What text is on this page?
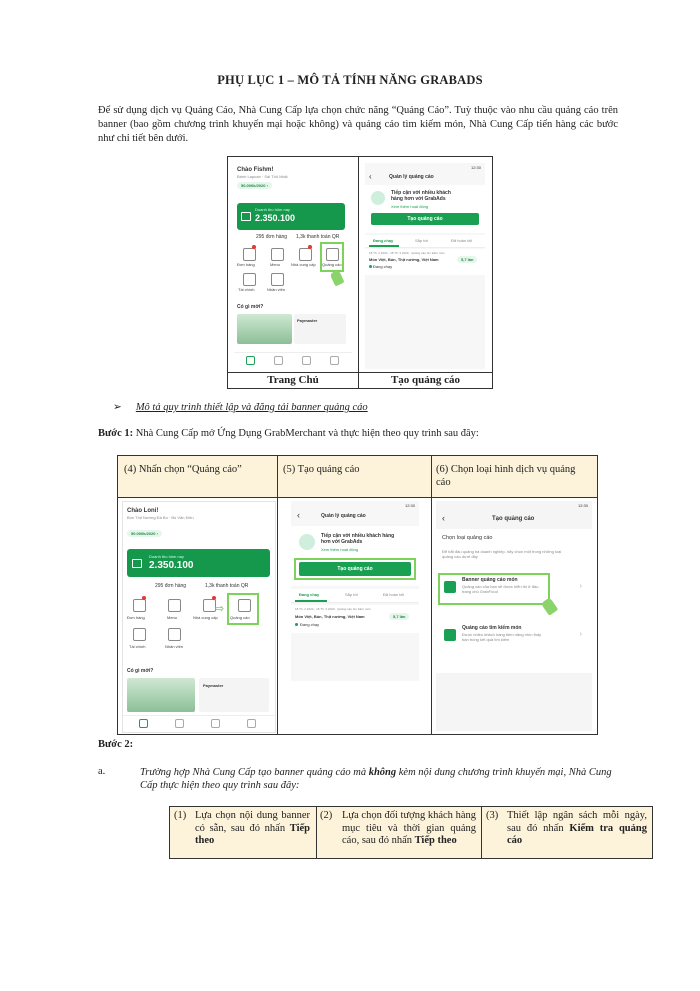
PHỤ LỤC 1 – MÔ TẢ TÍNH NĂNG GRABADS
Để sử dụng dịch vụ Quảng Cáo, Nhà Cung Cấp lựa chọn chức năng “Quảng Cáo”. Tuỳ thuộc vào nhu cầu quảng cáo trên banner (bao gồm chương trình khuyến mại hoặc không) và quảng cáo tìm kiếm món, Nhà Cung Cấp tiến hàng các bước như chỉ tiết bên dưới.
Trang Chủ	Tạo quảng cáo
Chào Fishm!
Bánh Lapuan · Sài Thủ Nhật
50.000k/2020 ›
Doanh thu hôm nay
2.350.100
295 đơn hàng 1,3k thanh toán QR
Đơn hàng	Menu	Nhà cung cấp Quảng cáo
Tài chính	Nhân viên
Có gì mới?
Paymaster
12:30
‹	Quản lý quảng cáo
Tiếp cận với nhiều khách hàng hơn với GrabAds
Xem thêm hoạt động
Tạo quảng cáo
Đang chạy	Sắp tới	Đã hoàn tất
18 Th. 2 2020 - 18 Th. 3 2020 · Quảng cáo tìm kiếm món
Món Việt, Bún, Thịt nướng, Việt Nam	5,7 lần
Đang chạy
➢ Mô tả quy trình thiết lập và đăng tải banner quảng cáo
Bước 1: Nhà Cung Cấp mở Ứng Dụng GrabMerchant và thực hiện theo quy trình sau đây:
(4) Nhấn chọn “Quảng cáo”	(5) Tạo quảng cáo	(6) Chọn loại hình dịch vụ quảng cáo
Chào Loni!
Bún Thịt Nướng Đà Bo · Bò Văn Kiên
50.000k/2020 ›
Doanh thu hôm nay
2.350.100
295 đơn hàng	1,3k thanh toán QR
Đơn hàng	Menu	Nhà cung cấp	Quảng cáo
⇨
Tài chính	Nhân viên
Có gì mới?
Paymaster
12:30
‹	Quản lý quảng cáo
Tiếp cận với nhiều khách hàng hơn với GrabAds
Xem thêm hoạt động
Tạo quảng cáo
Đang chạy	Sắp tới	Đã hoàn tất
18 Th. 2 2020 - 18 Th. 3 2020 · Quảng cáo tìm kiếm món
Món Việt, Bún, Thịt nướng, Việt Nam	5,7 lần
Đang chạy
12:30
‹	Tạo quảng cáo
Chọn loại quảng cáo
Để bắt đầu quảng bá doanh nghiệp, hãy chọn một trong những loại quảng cáo dưới đây
Banner quảng cáo món
Quảng cáo của bạn sẽ được hiển thị ở đầu trang chủ GrabFood
›
Quảng cáo tìm kiếm món
Được nhiều khách hàng tiềm năng nhìn thấy bạn trong kết quả tìm kiếm
›
Bước 2:
a.	Trường hợp Nhà Cung Cấp tạo banner quảng cáo mà không kèm nội dung chương trình khuyến mại, Nhà Cung Cấp thực hiện theo quy trình sau đây:
(1) Lựa chọn nội dung banner có sẵn, sau đó nhấn Tiếp theo
(2) Lựa chọn đối tượng khách hàng mục tiêu và thời gian quảng cáo, sau đó nhấn Tiếp theo
(3) Thiết lập ngân sách mỗi ngày, sau đó nhấn Kiểm tra quảng cáo
